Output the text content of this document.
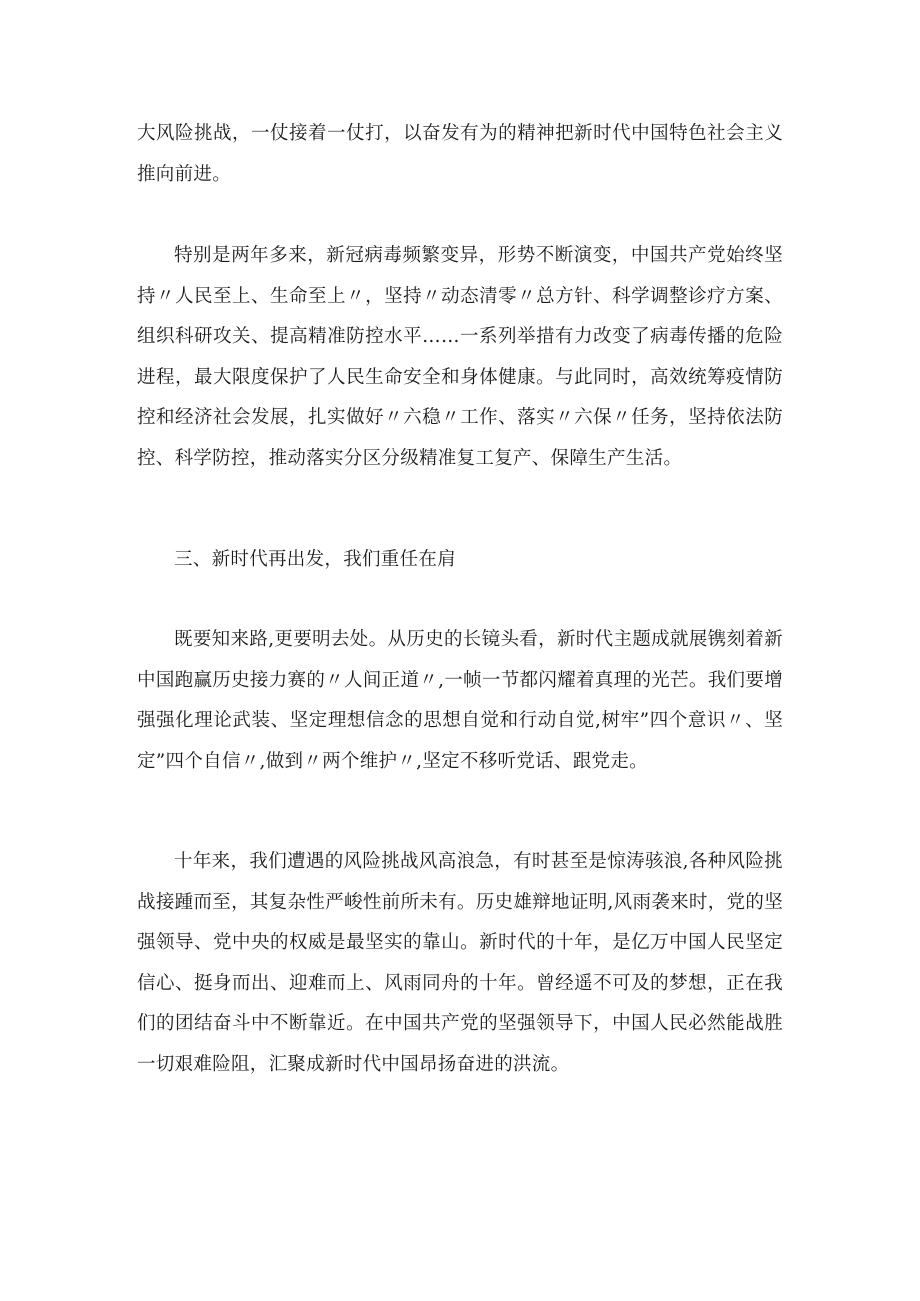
大风险挑战，一仗接着一仗打，以奋发有为的精神把新时代中国特色社会主义推向前进。

特别是两年多来，新冠病毒频繁变异，形势不断演变，中国共产党始终坚持〃人民至上、生命至上〃，坚持〃动态清零〃总方针、科学调整诊疗方案、组织科研攻关、提高精准防控水平……一系列举措有力改变了病毒传播的危险进程，最大限度保护了人民生命安全和身体健康。与此同时，高效统筹疫情防控和经济社会发展，扎实做好〃六稳〃工作、落实〃六保〃任务，坚持依法防控、科学防控，推动落实分区分级精准复工复产、保障生产生活。

三、新时代再出发，我们重任在肩

既要知来路,更要明去处。从历史的长镜头看，新时代主题成就展镌刻着新中国跑赢历史接力赛的〃人间正道〃,一帧一节都闪耀着真理的光芒。我们要增强强化理论武装、坚定理想信念的思想自觉和行动自觉,树牢”四个意识〃、坚定”四个自信〃,做到〃两个维护〃,坚定不移听党话、跟党走。

十年来，我们遭遇的风险挑战风高浪急，有时甚至是惊涛骇浪,各种风险挑战接踵而至，其复杂性严峻性前所未有。历史雄辩地证明,风雨袭来时，党的坚强领导、党中央的权威是最坚实的靠山。新时代的十年，是亿万中国人民坚定信心、挺身而出、迎难而上、风雨同舟的十年。曾经遥不可及的梦想，正在我们的团结奋斗中不断靠近。在中国共产党的坚强领导下，中国人民必然能战胜一切艰难险阻，汇聚成新时代中国昂扬奋进的洪流。
